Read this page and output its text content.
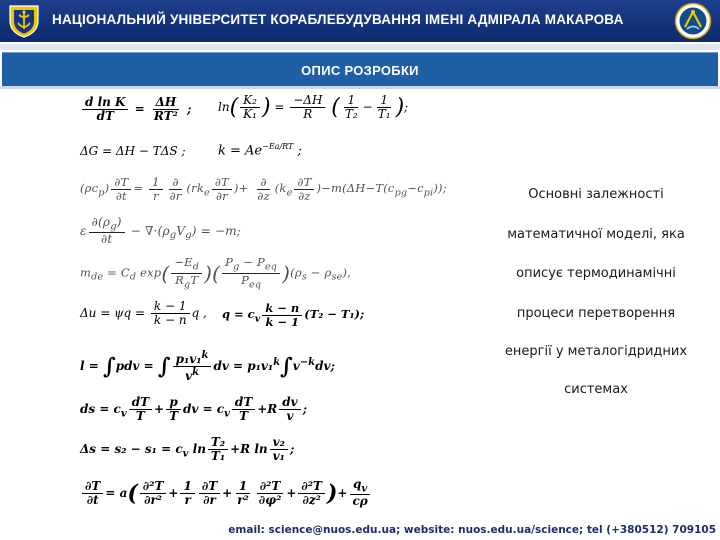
НАЦІОНАЛЬНИЙ УНІВЕРСИТЕТ КОРАБЛЕБУДУВАННЯ ІМЕНІ АДМІРАЛА МАКАРОВА
ОПИС РОЗРОБКИ
$\frac{\text{d ln K}}{dT} = \frac{\Delta H}{\text{RT²}}$ ; $\ln( \frac{\text{K₂}}{\text{K₁}}$ ) = $\frac{-\Delta H}{R}$ ( $\frac{1}{\text{T₂}} - \frac{1}{\text{T₁}}$ );
ΔG = ΔH − TΔS ;	$k = Ae^{-Ea/RT}$ ;
$(\rho c_p) \frac{\partial T}{\partial t} = \frac{1}{r} \frac{\partial}{\partial r} (rk_e \frac{\partial T}{\partial r}$ )+ $\frac{\partial}{\partial z} (k_e \frac{\partial T}{\partial z} )-m(\Delta H-T(c_{pg}-c_{pi}))$;
ε $\frac{\partial(\rho_g)}{\partial t} - \nabla\cdot(\rho_gV_g) = -m$;
$m_{de} = C_d$ $\exp( \frac{-E_d}{R_gT}$ )( $\frac{P_g - P_{eq}}{P_{eq}} )(\rho_s - \rho_{se})$,
$\Delta u = \psi q = \frac{k - 1}{k - n}$ q , $q = c_v \frac{k - n}{k - 1} (T_2 - T_1)$;
l = ∫pdv = ∫ $\frac{p_1v_1^k}{v^k}$ dv = $p_1v_1^k\int v^{-k}dv$;
ds = $c_v \frac{dT}{T} + \frac{p}{T}$ dv = $c_v \frac{dT}{T} +R \frac{dv}{v}$ ;
$\Delta s = s_2 - s_1 = c_v$ $\ln \frac{\text{T₂}}{\text{T₁}} +R$ $\ln \frac{\text{v₂}}{\text{v₁}}$ ;
$\frac{\partial T}{\partial t} = a( \frac{\text{∂²T}}{\text{∂r²}} + \frac{1}{r} \frac{\partial T}{\partial r} + \frac{1}{\text{r²}} \frac{\text{∂²T}}{\text{∂φ²}} + \frac{\text{∂²T}}{\text{∂z²}}$ )+ $\frac{q_v}{c\rho}$
Основні залежності
математичної моделі, яка
описує термодинамічні
процеси перетворення
енергії у металогідридних
системах
email: science@nuos.edu.ua; website: nuos.edu.ua/science; tel (+380512) 709105
